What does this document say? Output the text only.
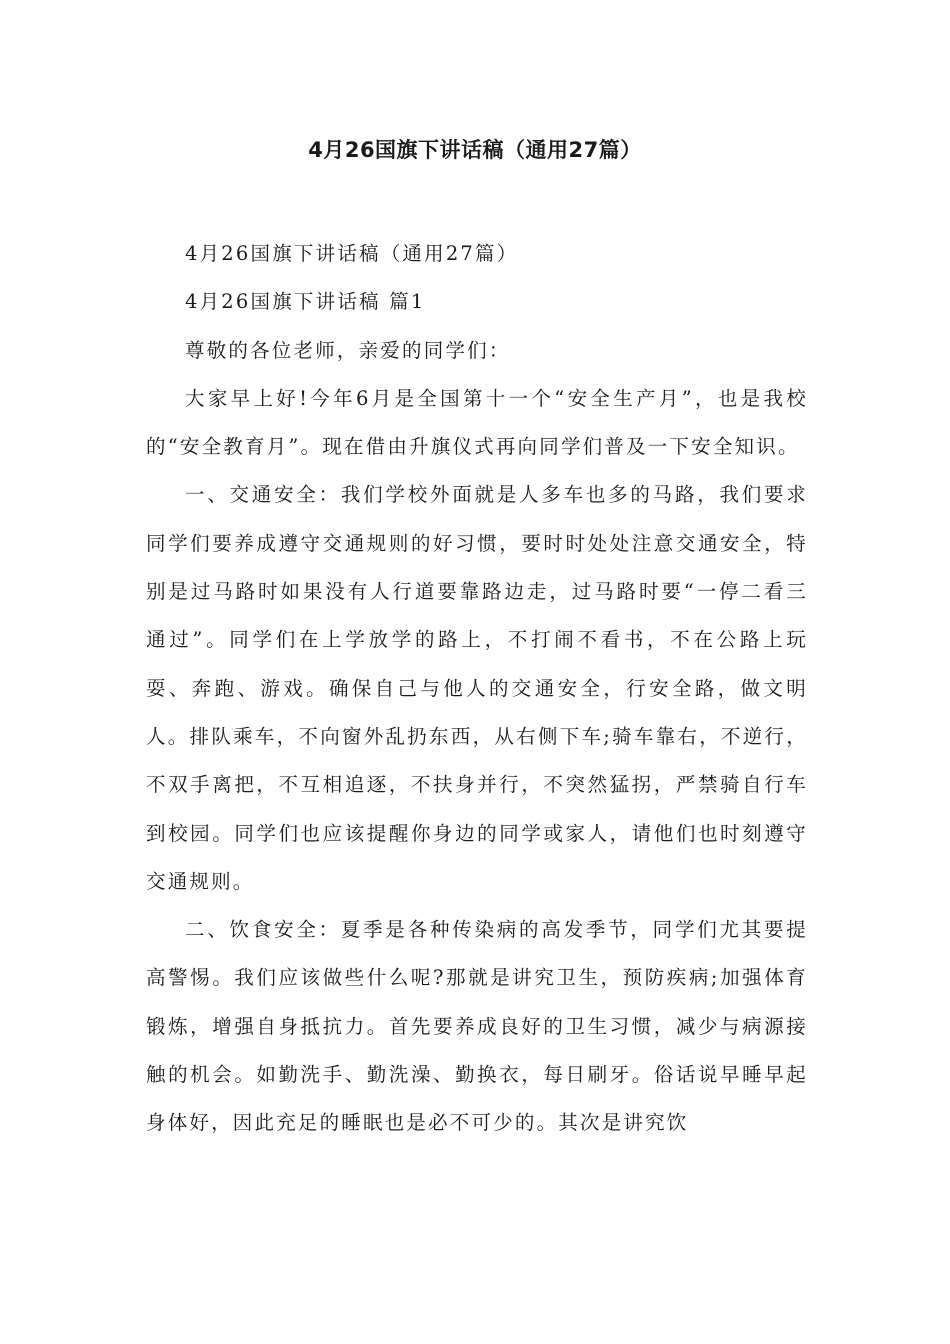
4月26国旗下讲话稿（通用27篇）

4月26国旗下讲话稿（通用27篇）

4月26国旗下讲话稿 篇1

尊敬的各位老师，亲爱的同学们：

大家早上好!今年6月是全国第十一个“安全生产月”，也是我校的“安全教育月”。现在借由升旗仪式再向同学们普及一下安全知识。

一、交通安全：我们学校外面就是人多车也多的马路，我们要求同学们要养成遵守交通规则的好习惯，要时时处处注意交通安全，特别是过马路时如果没有人行道要靠路边走，过马路时要“一停二看三通过”。同学们在上学放学的路上，不打闹不看书，不在公路上玩耍、奔跑、游戏。确保自己与他人的交通安全，行安全路，做文明人。排队乘车，不向窗外乱扔东西，从右侧下车;骑车靠右，不逆行，不双手离把，不互相追逐，不扶身并行，不突然猛拐，严禁骑自行车到校园。同学们也应该提醒你身边的同学或家人，请他们也时刻遵守交通规则。

二、饮食安全：夏季是各种传染病的高发季节，同学们尤其要提高警惕。我们应该做些什么呢?那就是讲究卫生，预防疾病;加强体育锻炼，增强自身抵抗力。首先要养成良好的卫生习惯，减少与病源接触的机会。如勤洗手、勤洗澡、勤换衣，每日刷牙。俗话说早睡早起身体好，因此充足的睡眠也是必不可少的。其次是讲究饮
